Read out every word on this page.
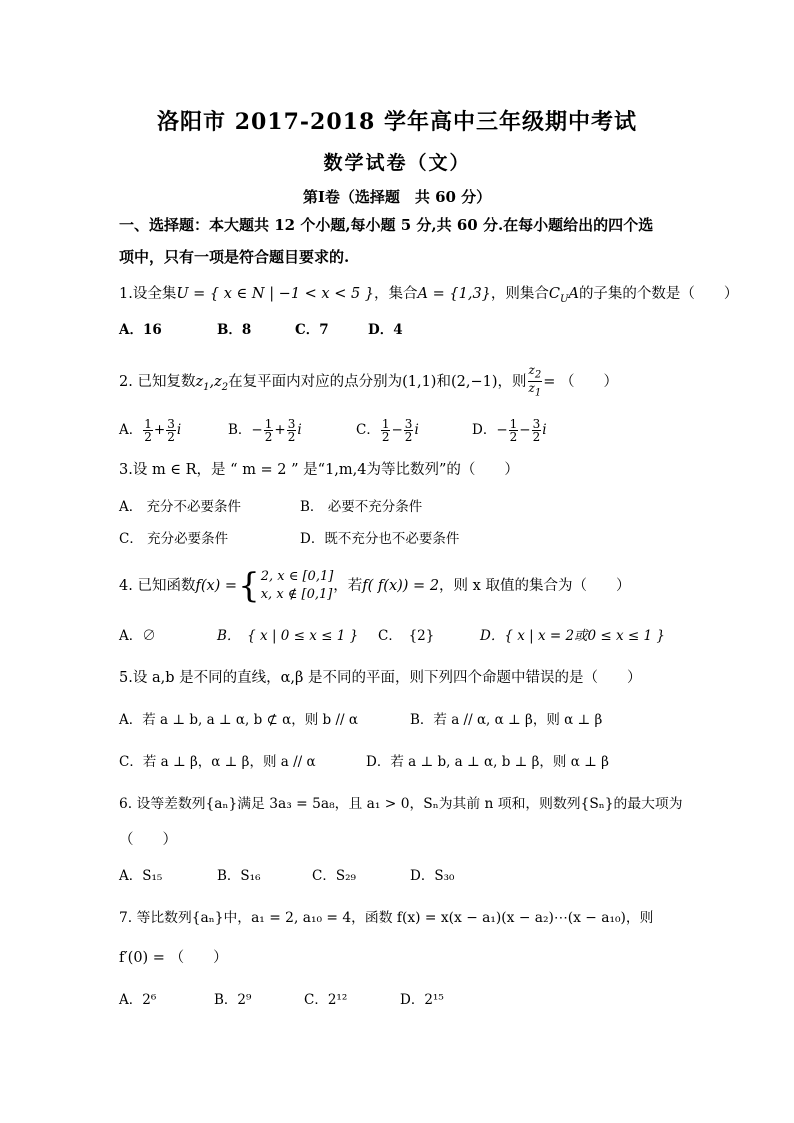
洛阳市 2017-2018 学年高中三年级期中考试
数学试卷（文）
第Ⅰ卷（选择题　共 60 分）
一、选择题：本大题共 12 个小题,每小题 5 分,共 60 分.在每小题给出的四个选
项中，只有一项是符合题目要求的.
1.设全集U = { x ∈ N | −1 < x < 5 }，集合A = {1,3}，则集合$C_UA$的子集的个数是（　　）
A．16	B．8	C．7	D．4
2. 已知复数$z_1,z_2$在复平面内对应的点分别为(1,1)和(2,−1)，则 $\frac{z_2}{z_1}$ = （　　）
A． $\frac{1}{2} + \frac{3}{2}$ i	B．− $\frac{1}{2} + \frac{3}{2}$ i	C． $\frac{1}{2} - \frac{3}{2}$ i	D．− $\frac{1}{2} - \frac{3}{2}$ i
3.设 m ∈ R，是 “ m = 2 ” 是“1,m,4为等比数列”的（　　）
A． 充分不必要条件	B． 必要不充分条件
C． 充分必要条件	D．既不充分也不必要条件
4. 已知函数f(x) ={ 2, x ∈ [0,1]
x, x ∉ [0,1]
，若f( f(x)) = 2，则 x 取值的集合为（　　）
A．∅	B．　{ x | 0 ≤ x ≤ 1 } C．　{2}	D．{ x | x = 2或0 ≤ x ≤ 1 }
5.设 a,b 是不同的直线，α,β 是不同的平面，则下列四个命题中错误的是（　　）
A．若 a ⊥ b, a ⊥ α, b ⊄ α，则 b // α	B．若 a // α, α ⊥ β，则 α ⊥ β
C．若 a ⊥ β，α ⊥ β，则 a // α	D．若 a ⊥ b, a ⊥ α, b ⊥ β，则 α ⊥ β
6. 设等差数列{aₙ}满足 3a₃ = 5a₈，且 a₁ > 0，Sₙ为其前 n 项和，则数列{Sₙ}的最大项为
（　　）
A．S₁₅	B．S₁₆	C．S₂₉	D．S₃₀
7. 等比数列{aₙ}中，a₁ = 2, a₁₀ = 4，函数 f(x) = x(x − a₁)(x − a₂)⋯(x − a₁₀)，则
f′(0) = （　　）
A．2⁶	B．2⁹	C．2¹²	D．2¹⁵
